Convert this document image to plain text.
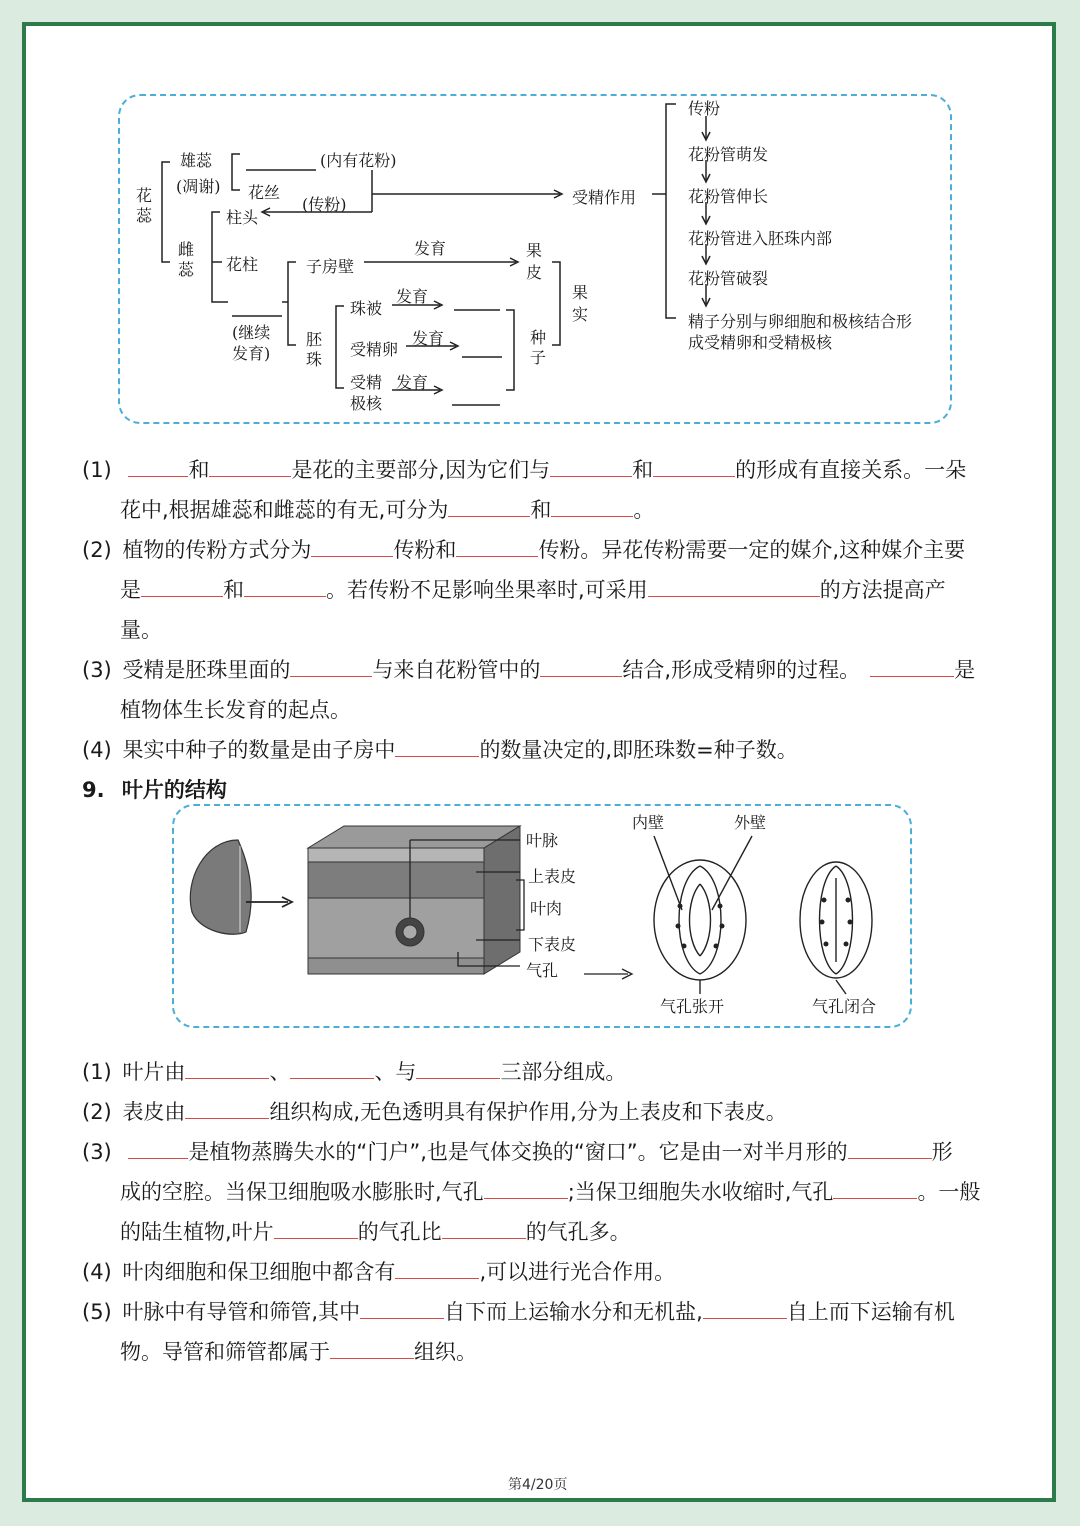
花蕊
雄蕊
(凋谢)
(内有花粉)
花丝
(传粉)
柱头
雌蕊 花柱
(继续发育)
子房壁
发育	果皮
果实
胚珠
珠被
发育
受精卵
发育	种子
受精极核
发育
受精作用
传粉
花粉管萌发
花粉管伸长
花粉管进入胚珠内部
花粉管破裂
精子分别与卵细胞和极核结合形
成受精卵和受精极核
(1)	和	是花的主要部分,因为它们与	和	的形成有直接关系。一朵
花中,根据雄蕊和雌蕊的有无,可分为	和	。
(2) 植物的传粉方式分为	传粉和	传粉。异花传粉需要一定的媒介,这种媒介主要
是	和	。若传粉不足影响坐果率时,可采用	的方法提高产
量。
(3) 受精是胚珠里面的	与来自花粉管中的	结合,形成受精卵的过程。	是
植物体生长发育的起点。
(4) 果实中种子的数量是由子房中	的数量决定的,即胚珠数=种子数。
9. 叶片的结构
叶脉
上表皮
叶肉
下表皮
气孔
内壁	外壁
气孔张开	气孔闭合
(1) 叶片由	、	、与	三部分组成。
(2) 表皮由	组织构成,无色透明具有保护作用,分为上表皮和下表皮。
(3)	是植物蒸腾失水的“门户”,也是气体交换的“窗口”。它是由一对半月形的	形
成的空腔。当保卫细胞吸水膨胀时,气孔	;当保卫细胞失水收缩时,气孔	。一般
的陆生植物,叶片	的气孔比	的气孔多。
(4) 叶肉细胞和保卫细胞中都含有	,可以进行光合作用。
(5) 叶脉中有导管和筛管,其中	自下而上运输水分和无机盐,	自上而下运输有机
物。导管和筛管都属于	组织。
第4/20页
